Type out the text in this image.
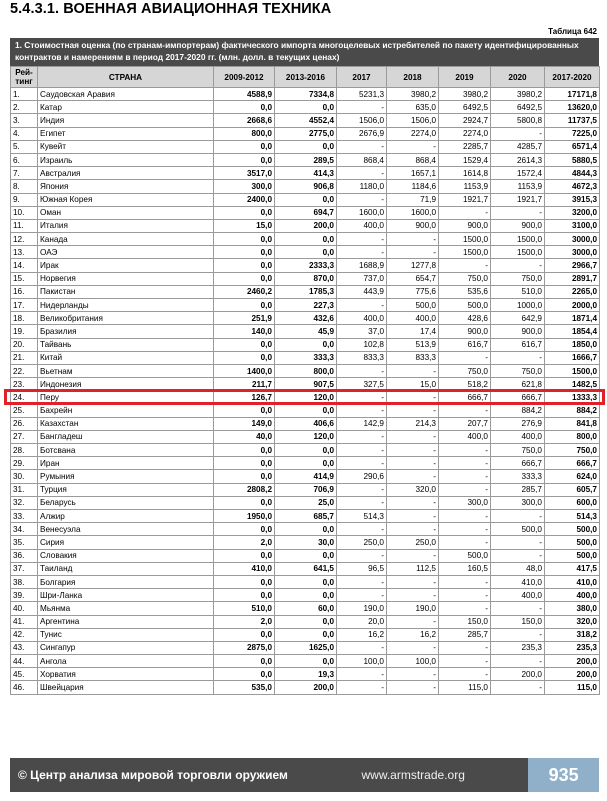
5.4.3.1. ВОЕННАЯ АВИАЦИОННАЯ ТЕХНИКА
Таблица 642
1. Стоимостная оценка (по странам-импортерам) фактического импорта многоцелевых истребителей по пакету идентифицированных контрактов и намерениям в период 2017-2020 гг. (млн. долл. в текущих ценах)
Рей-тинг	СТРАНА	2009-2012	2013-2016	2017	2018	2019	2020	2017-2020
1.	Саудовская Аравия	4588,9	7334,8	5231,3	3980,2	3980,2	3980,2	17171,8
2.	Катар	0,0	0,0	-	635,0	6492,5	6492,5	13620,0
3.	Индия	2668,6	4552,4	1506,0	1506,0	2924,7	5800,8	11737,5
4.	Египет	800,0	2775,0	2676,9	2274,0	2274,0	-	7225,0
5.	Кувейт	0,0	0,0	-	-	2285,7	4285,7	6571,4
6.	Израиль	0,0	289,5	868,4	868,4	1529,4	2614,3	5880,5
7.	Австралия	3517,0	414,3	-	1657,1	1614,8	1572,4	4844,3
8.	Япония	300,0	906,8	1180,0	1184,6	1153,9	1153,9	4672,3
9.	Южная Корея	2400,0	0,0	-	71,9	1921,7	1921,7	3915,3
10.	Оман	0,0	694,7	1600,0	1600,0	-	-	3200,0
11.	Италия	15,0	200,0	400,0	900,0	900,0	900,0	3100,0
12.	Канада	0,0	0,0	-	-	1500,0	1500,0	3000,0
13.	ОАЭ	0,0	0,0	-	-	1500,0	1500,0	3000,0
14.	Ирак	0,0	2333,3	1688,9	1277,8	-	-	2966,7
15.	Норвегия	0,0	870,0	737,0	654,7	750,0	750,0	2891,7
16.	Пакистан	2460,2	1785,3	443,9	775,6	535,6	510,0	2265,0
17.	Нидерланды	0,0	227,3	-	500,0	500,0	1000,0	2000,0
18.	Великобритания	251,9	432,6	400,0	400,0	428,6	642,9	1871,4
19.	Бразилия	140,0	45,9	37,0	17,4	900,0	900,0	1854,4
20.	Тайвань	0,0	0,0	102,8	513,9	616,7	616,7	1850,0
21.	Китай	0,0	333,3	833,3	833,3	-	-	1666,7
22.	Вьетнам	1400,0	800,0	-	-	750,0	750,0	1500,0
23.	Индонезия	211,7	907,5	327,5	15,0	518,2	621,8	1482,5
24.	Перу	126,7	120,0	-	-	666,7	666,7	1333,3
25.	Бахрейн	0,0	0,0	-	-	-	884,2	884,2
26.	Казахстан	149,0	406,6	142,9	214,3	207,7	276,9	841,8
27.	Бангладеш	40,0	120,0	-	-	400,0	400,0	800,0
28.	Ботсвана	0,0	0,0	-	-	-	750,0	750,0
29.	Иран	0,0	0,0	-	-	-	666,7	666,7
30.	Румыния	0,0	414,9	290,6	-	-	333,3	624,0
31.	Турция	2808,2	706,9	-	320,0	-	285,7	605,7
32.	Беларусь	0,0	25,0	-	-	300,0	300,0	600,0
33.	Алжир	1950,0	685,7	514,3	-	-	-	514,3
34.	Венесуэла	0,0	0,0	-	-	-	500,0	500,0
35.	Сирия	2,0	30,0	250,0	250,0	-	-	500,0
36.	Словакия	0,0	0,0	-	-	500,0	-	500,0
37.	Таиланд	410,0	641,5	96,5	112,5	160,5	48,0	417,5
38.	Болгария	0,0	0,0	-	-	-	410,0	410,0
39.	Шри-Ланка	0,0	0,0	-	-	-	400,0	400,0
40.	Мьянма	510,0	60,0	190,0	190,0	-	-	380,0
41.	Аргентина	2,0	0,0	20,0	-	150,0	150,0	320,0
42.	Тунис	0,0	0,0	16,2	16,2	285,7	-	318,2
43.	Сингапур	2875,0	1625,0	-	-	-	235,3	235,3
44.	Ангола	0,0	0,0	100,0	100,0	-	-	200,0
45.	Хорватия	0,0	19,3	-	-	-	200,0	200,0
46.	Швейцария	535,0	200,0	-	-	115,0	-	115,0
© Центр анализа мировой торговли оружием	www.armstrade.org	935
